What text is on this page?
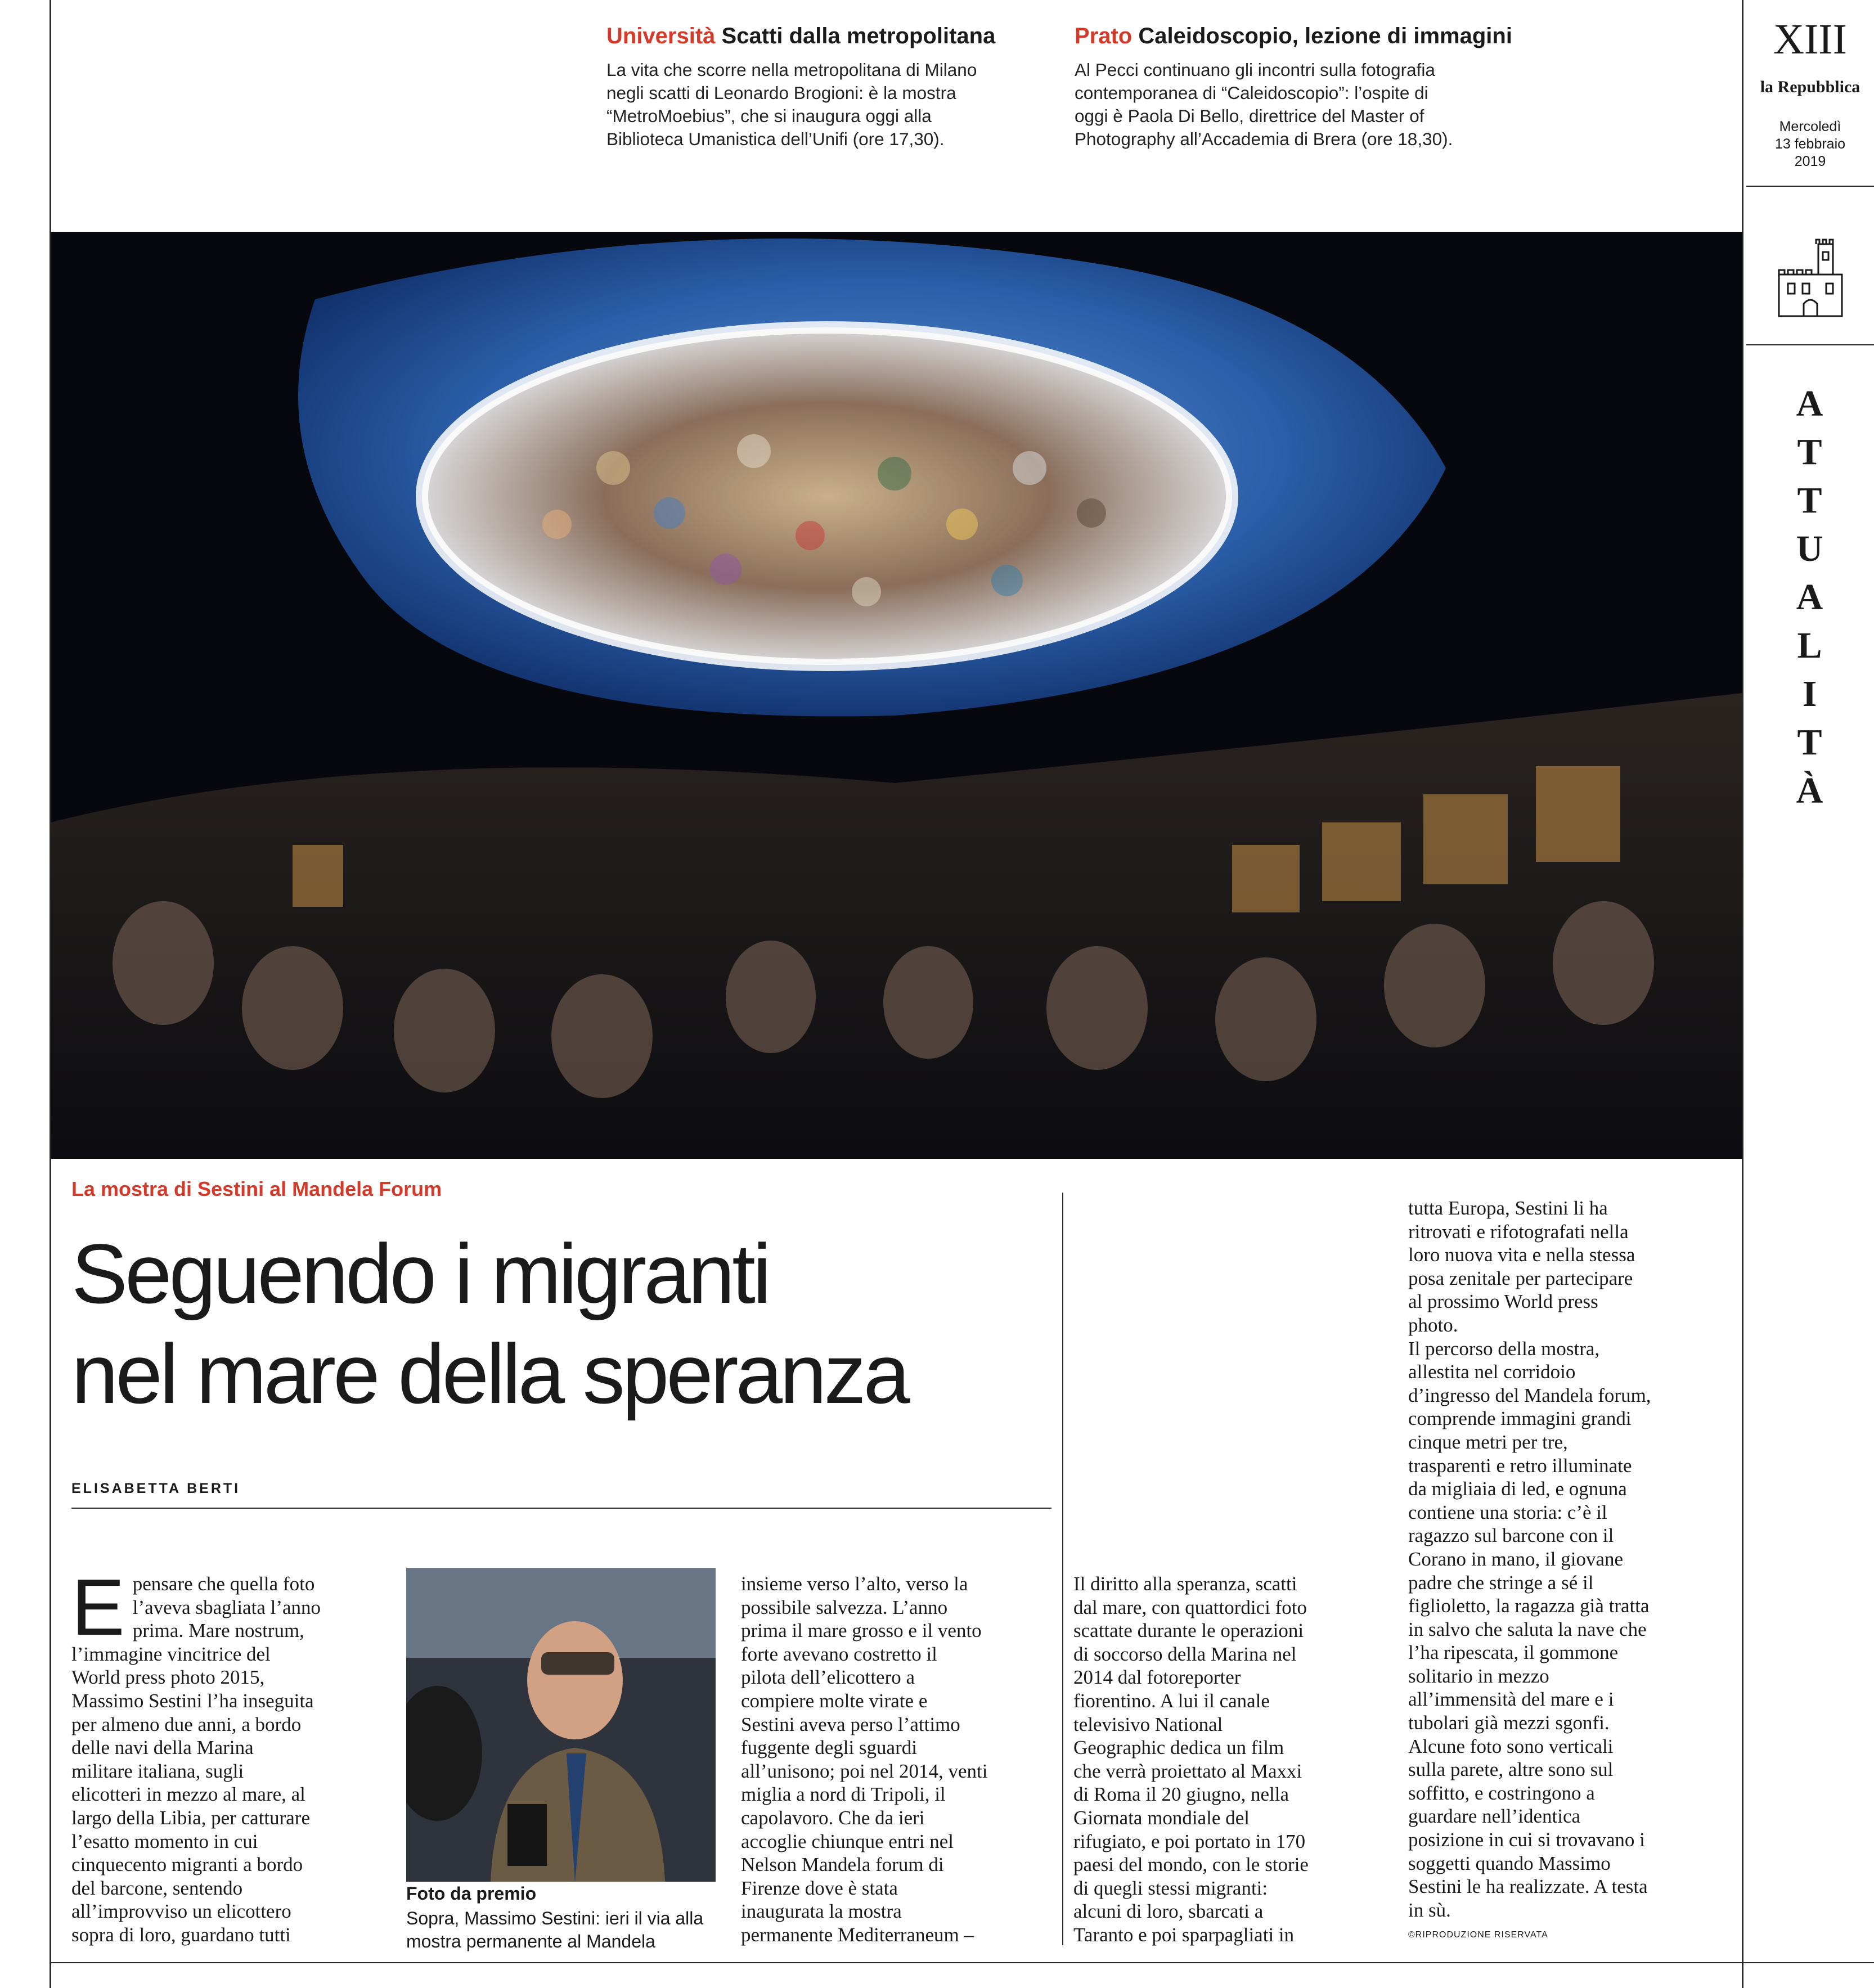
Università Scatti dalla metropolitana
La vita che scorre nella metropolitana di Milano
negli scatti di Leonardo Brogioni: è la mostra
“MetroMoebius”, che si inaugura oggi alla
Biblioteca Umanistica dell’Unifi (ore 17,30).
Prato Caleidoscopio, lezione di immagini
Al Pecci continuano gli incontri sulla fotografia
contemporanea di “Caleidoscopio”: l’ospite di
oggi è Paola Di Bello, direttrice del Master of
Photography all’Accademia di Brera (ore 18,30).
XIII
la Repubblica
Mercoledì
13 febbraio
2019
A
T
T
U
A
L
I
T
À
La mostra di Sestini al Mandela Forum
Seguendo i migranti
nel mare della speranza
ELISABETTA BERTI
E pensare che quella foto
l’aveva sbagliata l’anno
prima. Mare nostrum,
l’immagine vincitrice del
World press photo 2015,
Massimo Sestini l’ha inseguita
per almeno due anni, a bordo
delle navi della Marina
militare italiana, sugli
elicotteri in mezzo al mare, al
largo della Libia, per catturare
l’esatto momento in cui
cinquecento migranti a bordo
del barcone, sentendo
all’improvviso un elicottero
sopra di loro, guardano tutti
Foto da premio
Sopra, Massimo Sestini: ieri il via alla
mostra permanente al Mandela
insieme verso l’alto, verso la
possibile salvezza. L’anno
prima il mare grosso e il vento
forte avevano costretto il
pilota dell’elicottero a
compiere molte virate e
Sestini aveva perso l’attimo
fuggente degli sguardi
all’unisono; poi nel 2014, venti
miglia a nord di Tripoli, il
capolavoro. Che da ieri
accoglie chiunque entri nel
Nelson Mandela forum di
Firenze dove è stata
inaugurata la mostra
permanente Mediterraneum –
Il diritto alla speranza, scatti
dal mare, con quattordici foto
scattate durante le operazioni
di soccorso della Marina nel
2014 dal fotoreporter
fiorentino. A lui il canale
televisivo National
Geographic dedica un film
che verrà proiettato al Maxxi
di Roma il 20 giugno, nella
Giornata mondiale del
rifugiato, e poi portato in 170
paesi del mondo, con le storie
di quegli stessi migranti:
alcuni di loro, sbarcati a
Taranto e poi sparpagliati in
tutta Europa, Sestini li ha
ritrovati e rifotografati nella
loro nuova vita e nella stessa
posa zenitale per partecipare
al prossimo World press
photo.
Il percorso della mostra,
allestita nel corridoio
d’ingresso del Mandela forum,
comprende immagini grandi
cinque metri per tre,
trasparenti e retro illuminate
da migliaia di led, e ognuna
contiene una storia: c’è il
ragazzo sul barcone con il
Corano in mano, il giovane
padre che stringe a sé il
figlioletto, la ragazza già tratta
in salvo che saluta la nave che
l’ha ripescata, il gommone
solitario in mezzo
all’immensità del mare e i
tubolari già mezzi sgonfi.
Alcune foto sono verticali
sulla parete, altre sono sul
soffitto, e costringono a
guardare nell’identica
posizione in cui si trovavano i
soggetti quando Massimo
Sestini le ha realizzate. A testa
in sù.
©RIPRODUZIONE RISERVATA
